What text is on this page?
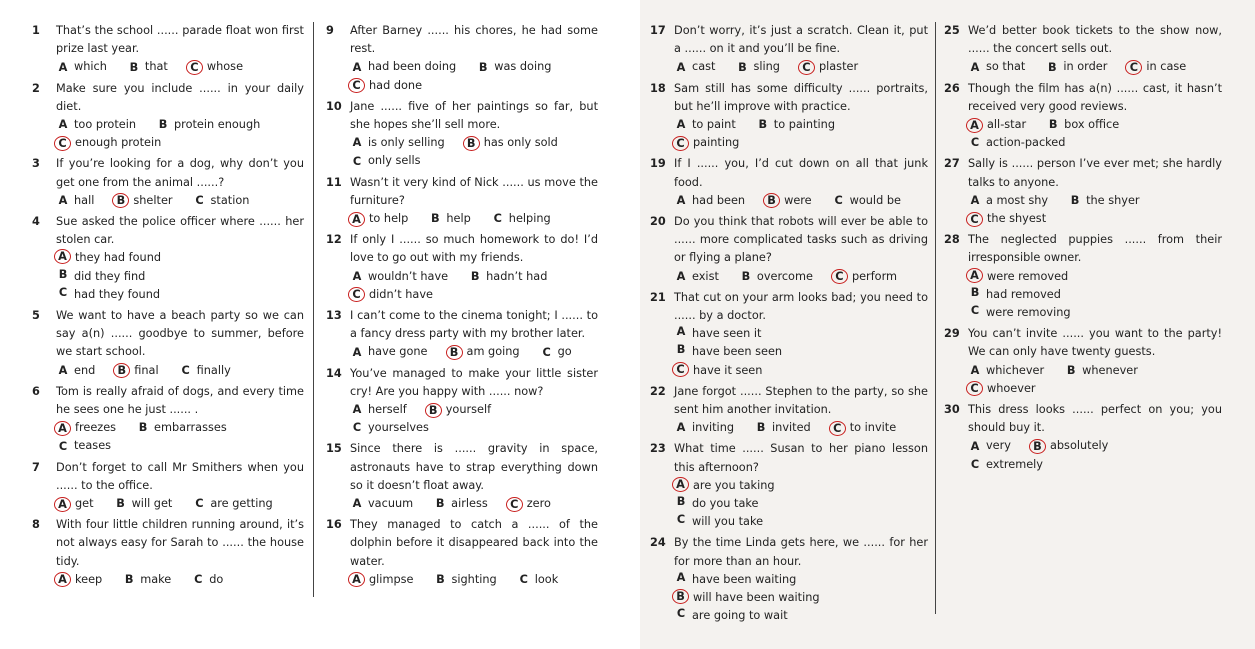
1	That’s the school ...... parade float won first prize last year.
A which B that	C whose
2	Make sure you include ...... in your daily diet.
A too protein B protein enough
C enough protein
3	If you’re looking for a dog, why don’t you get one from the animal ......?
A hall	B shelter C station
4	Sue asked the police officer where ...... her stolen car.
A they had found
B did they find
C had they found
5	We want to have a beach party so we can say a(n) ...... goodbye to summer, before we start school.
A end	B final C finally
6	Tom is really afraid of dogs, and every time he sees one he just ...... .
A freezes B embarrasses
C teases
7	Don’t forget to call Mr Smithers when you ...... to the office.
A get B will get C are getting
8	With four little children running around, it’s not always easy for Sarah to ...... the house tidy.
A keep B make C do
9	After Barney ...... his chores, he had some rest.
A had been doing B was doing
C had done
10 Jane ...... five of her paintings so far, but she hopes she’ll sell more.
A is only selling	B has only sold
C only sells
11 Wasn’t it very kind of Nick ...... us move the furniture?
A to help B help C helping
12 If only I ...... so much homework to do! I’d love to go out with my friends.
A wouldn’t have B hadn’t had
C didn’t have
13 I can’t come to the cinema tonight; I ...... to a fancy dress party with my brother later.
A have gone	B am going C go
14 You’ve managed to make your little sister cry! Are you happy with ...... now?
A herself	B yourself
C yourselves
15 Since there is ...... gravity in space, astronauts have to strap everything down so it doesn’t float away.
A vacuum B airless	C zero
16 They managed to catch a ...... of the dolphin before it disappeared back into the water.
A glimpse B sighting C look
17 Don’t worry, it’s just a scratch. Clean it, put a ...... on it and you’ll be fine.
A cast B sling	C plaster
18 Sam still has some difficulty ...... portraits, but he’ll improve with practice.
A to paint B to painting
C painting
19 If I ...... you, I’d cut down on all that junk food.
A had been	B were C would be
20 Do you think that robots will ever be able to ...... more complicated tasks such as driving or flying a plane?
A exist B overcome	C perform
21 That cut on your arm looks bad; you need to ...... by a doctor.
A have seen it
B have been seen
C have it seen
22 Jane forgot ...... Stephen to the party, so she sent him another invitation.
A inviting B invited	C to invite
23 What time ...... Susan to her piano lesson this afternoon?
A are you taking
B do you take
C will you take
24 By the time Linda gets here, we ...... for her for more than an hour.
A have been waiting
B will have been waiting
C are going to wait
25 We’d better book tickets to the show now, ...... the concert sells out.
A so that B in order	C in case
26 Though the film has a(n) ...... cast, it hasn’t received very good reviews.
A all-star B box office
C action-packed
27 Sally is ...... person I’ve ever met; she hardly talks to anyone.
A a most shy B the shyer
C the shyest
28 The neglected puppies ...... from their irresponsible owner.
A were removed
B had removed
C were removing
29 You can’t invite ...... you want to the party! We can only have twenty guests.
A whichever B whenever
C whoever
30 This dress looks ...... perfect on you; you should buy it.
A very	B absolutely
C extremely
